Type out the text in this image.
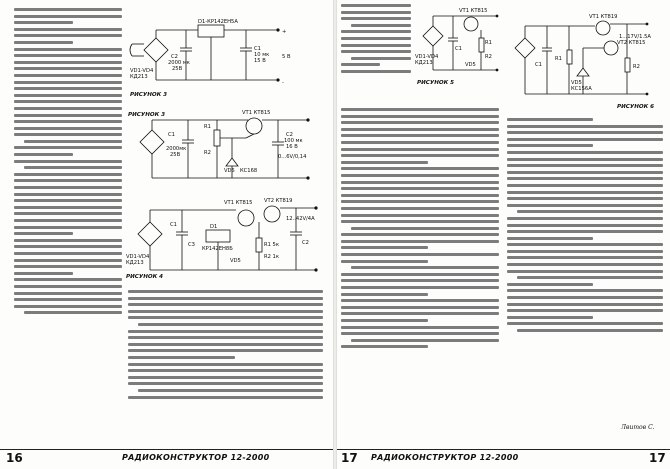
D1-КР142ЕН5А
VD1-VD4
КД213
C2
2000 мк
25В
C1
10 мк
15 В
5 В
+
-
РИСУНОК 3
VT1 КТ815
R1
R2
C1
2000мк
25В
C2
100 мк
16 В
0...6V/0,14
VD5 КС168
РИСУНОК 3
VD1-VD4
КД213
VT2 КТ819
VT1 КТ815
D1
КР142ЕН8Б
12..42V/4А
R1 5к
R2 1к
VD5
C1
C2
C3
РИСУНОК 4
16	РАДИОКОНСТРУКТОР 12-2000
VD1-VD4
КД213
C1
VT1 КТ815
R1
R2
VD5
РИСУНОК 5
VT1 КТ819
VT2 КТ815
VD5
КС156А
R1
R2
C1
1...17V/1.5А
РИСУНОК 6
Лвитов С.
17 РАДИОКОНСТРУКТОР 12-2000	17
